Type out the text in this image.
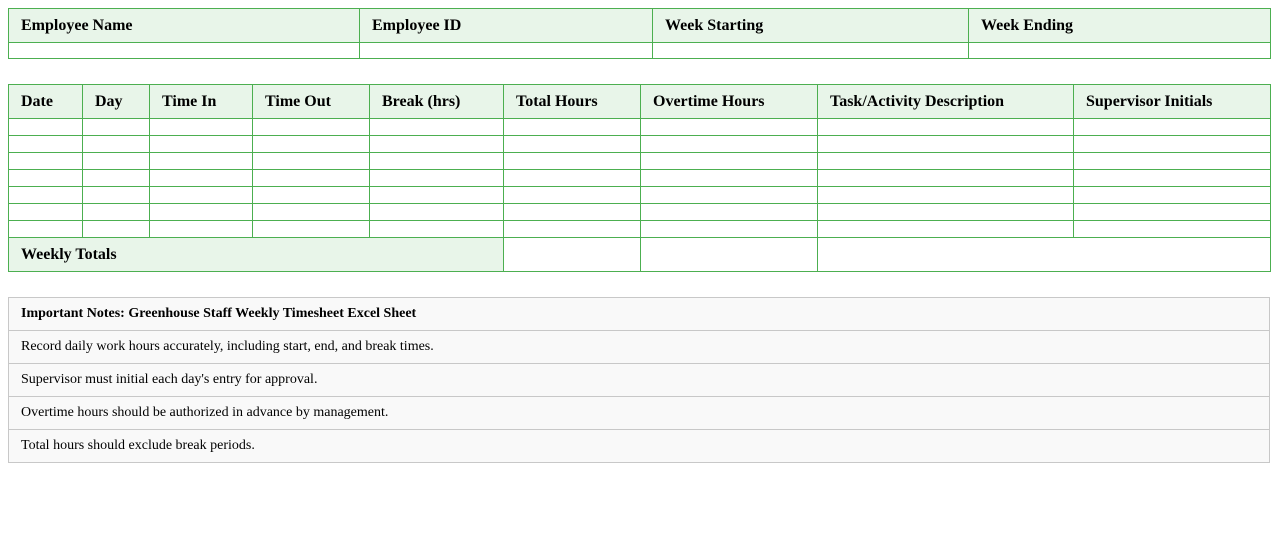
Employee Name	Employee ID	Week Starting	Week Ending

Date	Day	Time In	Time Out	Break (hrs)	Total Hours	Overtime Hours	Task/Activity Description	Supervisor Initials

Weekly Totals								
Important Notes: Greenhouse Staff Weekly Timesheet Excel Sheet
Record daily work hours accurately, including start, end, and break times.
Supervisor must initial each day's entry for approval.
Overtime hours should be authorized in advance by management.
Total hours should exclude break periods.
